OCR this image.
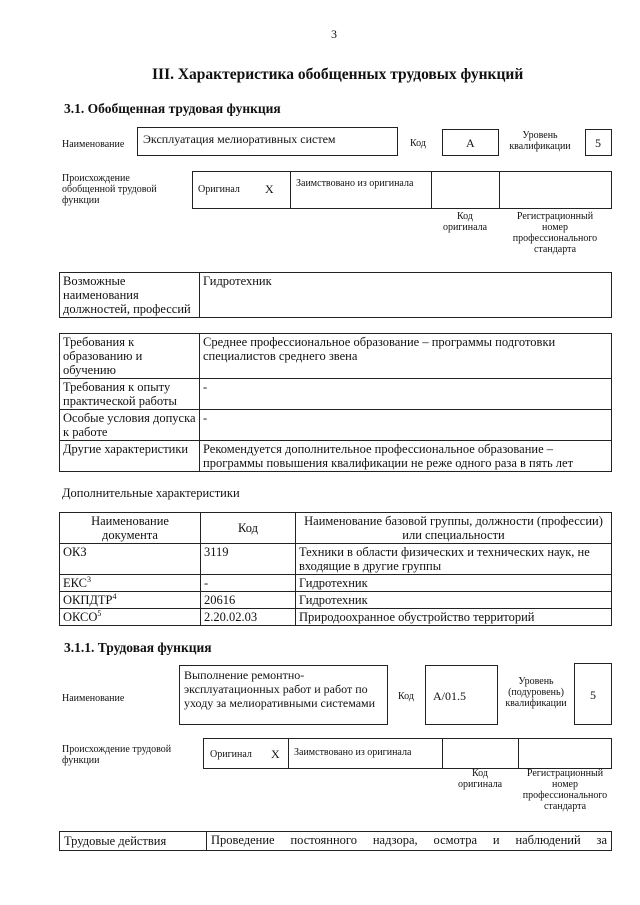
3
III. Характеристика обобщенных трудовых функций
3.1. Обобщенная трудовая функция
Наименование Эксплуатация мелиоративных систем	Код	А
Уровень квалификации 5
Происхождение обобщенной трудовой функции
Оригинал X Заимствовано из оригинала
Код оригинала
Регистрационный номер профессионального стандарта
Возможные наименования должностей, профессий	Гидротехник
Требования к образованию и обучению	Среднее профессиональное образование – программы подготовки специалистов среднего звена
Требования к опыту практической работы	-
Особые условия допуска к работе	-
Другие характеристики	Рекомендуется дополнительное профессиональное образование – программы повышения квалификации не реже одного раза в пять лет
Дополнительные характеристики
Наименование документа	Код	Наименование базовой группы, должности (профессии) или специальности
ОКЗ	3119	Техники в области физических и технических наук, не входящие в другие группы
ЕКС$^3$	-	Гидротехник
ОКПДТР$^4$	20616	Гидротехник
ОКСО$^5$	2.20.02.03	Природоохранное обустройство территорий
3.1.1. Трудовая функция
Наименование
Выполнение ремонтно-эксплуатационных работ и работ по уходу за мелиоративными системами	Код А/01.5
Уровень (подуровень) квалификации
5
Происхождение трудовой функции
Оригинал X Заимствовано из оригинала
Код оригинала
Регистрационный номер профессионального стандарта
Трудовые действия	Проведение постоянного надзора, осмотра и наблюдений за
